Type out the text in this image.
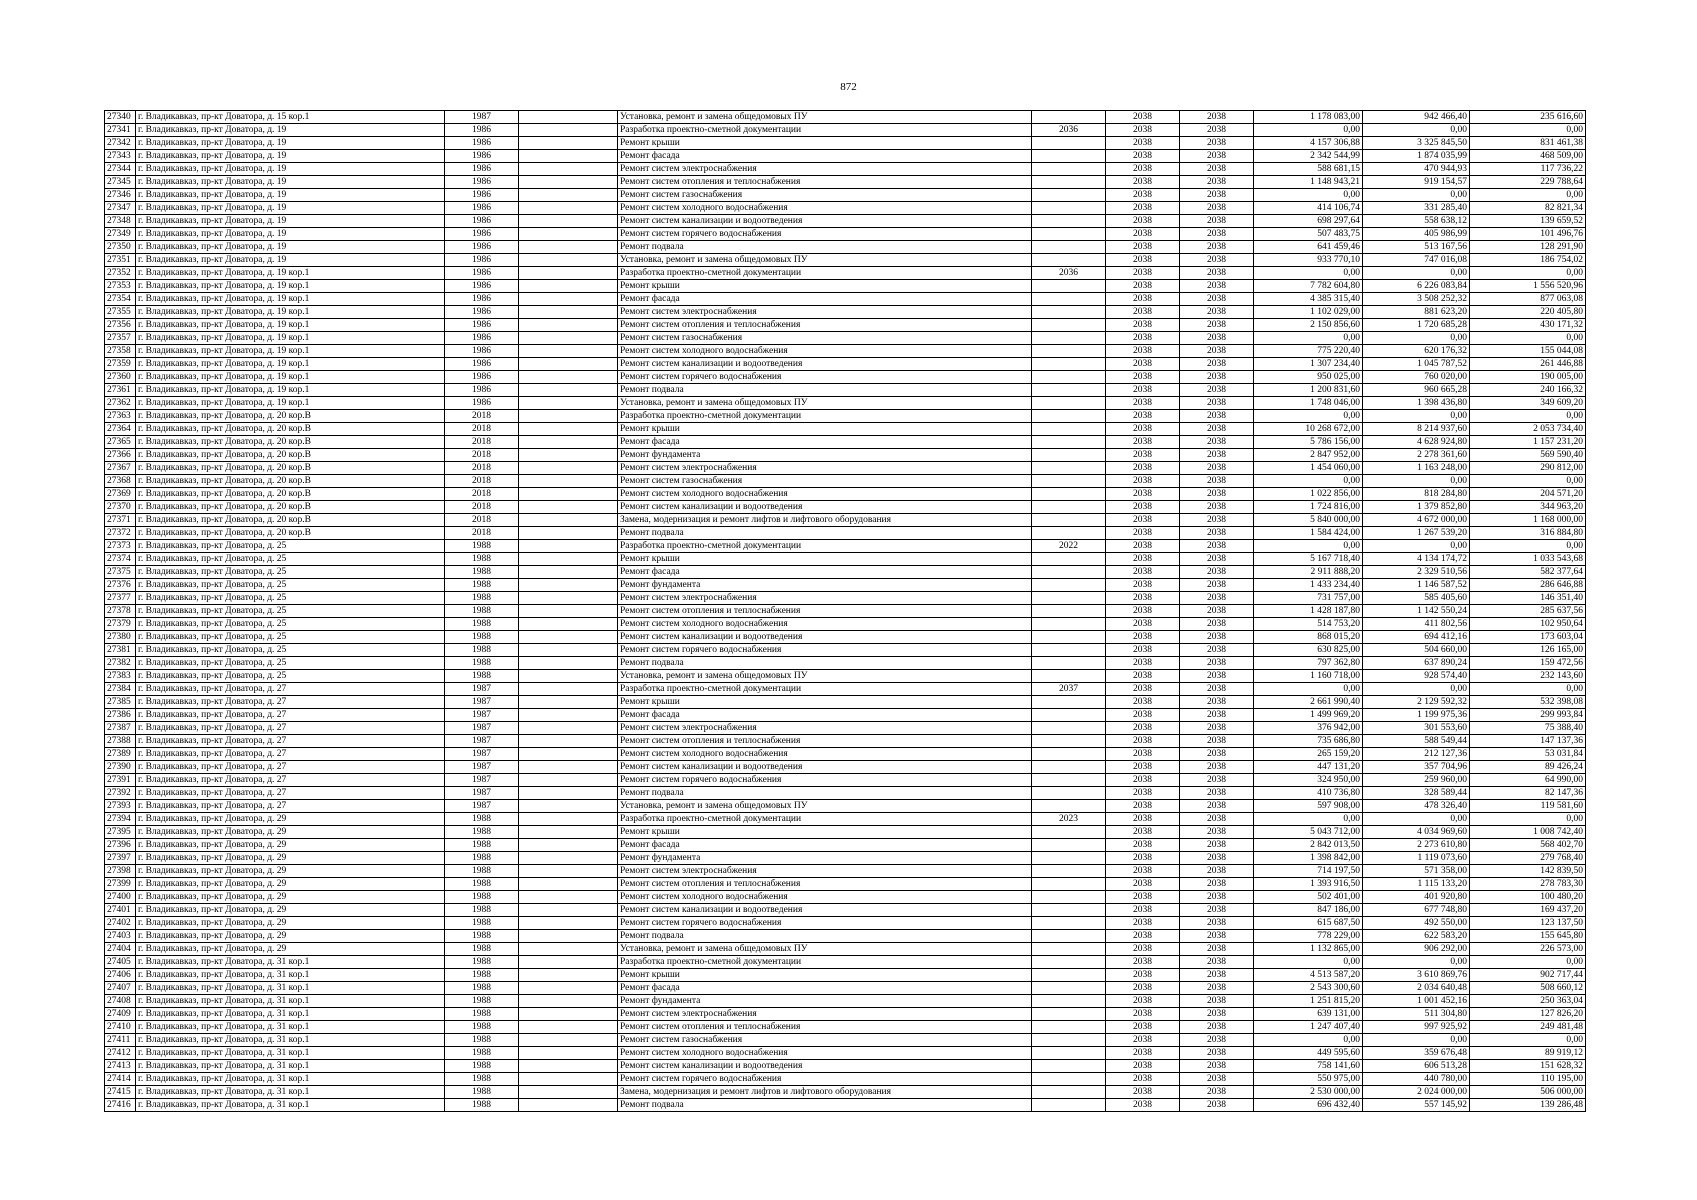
872
27340	г. Владикавказ, пр-кт Доватора, д. 15 кор.1	1987		Установка, ремонт и замена общедомовых ПУ		2038	2038	1 178 083,00	942 466,40	235 616,60
27341	г. Владикавказ, пр-кт Доватора, д. 19	1986		Разработка проектно-сметной документации	2036	2038	2038	0,00	0,00	0,00
27342	г. Владикавказ, пр-кт Доватора, д. 19	1986		Ремонт крыши		2038	2038	4 157 306,88	3 325 845,50	831 461,38
27343	г. Владикавказ, пр-кт Доватора, д. 19	1986		Ремонт фасада		2038	2038	2 342 544,99	1 874 035,99	468 509,00
27344	г. Владикавказ, пр-кт Доватора, д. 19	1986		Ремонт систем электроснабжения		2038	2038	588 681,15	470 944,93	117 736,22
27345	г. Владикавказ, пр-кт Доватора, д. 19	1986		Ремонт систем отопления и теплоснабжения		2038	2038	1 148 943,21	919 154,57	229 788,64
27346	г. Владикавказ, пр-кт Доватора, д. 19	1986		Ремонт систем газоснабжения		2038	2038	0,00	0,00	0,00
27347	г. Владикавказ, пр-кт Доватора, д. 19	1986		Ремонт систем холодного водоснабжения		2038	2038	414 106,74	331 285,40	82 821,34
27348	г. Владикавказ, пр-кт Доватора, д. 19	1986		Ремонт систем канализации и водоотведения		2038	2038	698 297,64	558 638,12	139 659,52
27349	г. Владикавказ, пр-кт Доватора, д. 19	1986		Ремонт систем горячего водоснабжения		2038	2038	507 483,75	405 986,99	101 496,76
27350	г. Владикавказ, пр-кт Доватора, д. 19	1986		Ремонт подвала		2038	2038	641 459,46	513 167,56	128 291,90
27351	г. Владикавказ, пр-кт Доватора, д. 19	1986		Установка, ремонт и замена общедомовых ПУ		2038	2038	933 770,10	747 016,08	186 754,02
27352	г. Владикавказ, пр-кт Доватора, д. 19 кор.1	1986		Разработка проектно-сметной документации	2036	2038	2038	0,00	0,00	0,00
27353	г. Владикавказ, пр-кт Доватора, д. 19 кор.1	1986		Ремонт крыши		2038	2038	7 782 604,80	6 226 083,84	1 556 520,96
27354	г. Владикавказ, пр-кт Доватора, д. 19 кор.1	1986		Ремонт фасада		2038	2038	4 385 315,40	3 508 252,32	877 063,08
27355	г. Владикавказ, пр-кт Доватора, д. 19 кор.1	1986		Ремонт систем электроснабжения		2038	2038	1 102 029,00	881 623,20	220 405,80
27356	г. Владикавказ, пр-кт Доватора, д. 19 кор.1	1986		Ремонт систем отопления и теплоснабжения		2038	2038	2 150 856,60	1 720 685,28	430 171,32
27357	г. Владикавказ, пр-кт Доватора, д. 19 кор.1	1986		Ремонт систем газоснабжения		2038	2038	0,00	0,00	0,00
27358	г. Владикавказ, пр-кт Доватора, д. 19 кор.1	1986		Ремонт систем холодного водоснабжения		2038	2038	775 220,40	620 176,32	155 044,08
27359	г. Владикавказ, пр-кт Доватора, д. 19 кор.1	1986		Ремонт систем канализации и водоотведения		2038	2038	1 307 234,40	1 045 787,52	261 446,88
27360	г. Владикавказ, пр-кт Доватора, д. 19 кор.1	1986		Ремонт систем горячего водоснабжения		2038	2038	950 025,00	760 020,00	190 005,00
27361	г. Владикавказ, пр-кт Доватора, д. 19 кор.1	1986		Ремонт подвала		2038	2038	1 200 831,60	960 665,28	240 166,32
27362	г. Владикавказ, пр-кт Доватора, д. 19 кор.1	1986		Установка, ремонт и замена общедомовых ПУ		2038	2038	1 748 046,00	1 398 436,80	349 609,20
27363	г. Владикавказ, пр-кт Доватора, д. 20 кор.В	2018		Разработка проектно-сметной документации		2038	2038	0,00	0,00	0,00
27364	г. Владикавказ, пр-кт Доватора, д. 20 кор.В	2018		Ремонт крыши		2038	2038	10 268 672,00	8 214 937,60	2 053 734,40
27365	г. Владикавказ, пр-кт Доватора, д. 20 кор.В	2018		Ремонт фасада		2038	2038	5 786 156,00	4 628 924,80	1 157 231,20
27366	г. Владикавказ, пр-кт Доватора, д. 20 кор.В	2018		Ремонт фундамента		2038	2038	2 847 952,00	2 278 361,60	569 590,40
27367	г. Владикавказ, пр-кт Доватора, д. 20 кор.В	2018		Ремонт систем электроснабжения		2038	2038	1 454 060,00	1 163 248,00	290 812,00
27368	г. Владикавказ, пр-кт Доватора, д. 20 кор.В	2018		Ремонт систем газоснабжения		2038	2038	0,00	0,00	0,00
27369	г. Владикавказ, пр-кт Доватора, д. 20 кор.В	2018		Ремонт систем холодного водоснабжения		2038	2038	1 022 856,00	818 284,80	204 571,20
27370	г. Владикавказ, пр-кт Доватора, д. 20 кор.В	2018		Ремонт систем канализации и водоотведения		2038	2038	1 724 816,00	1 379 852,80	344 963,20
27371	г. Владикавказ, пр-кт Доватора, д. 20 кор.В	2018		Замена, модернизация и ремонт лифтов и лифтового оборудования		2038	2038	5 840 000,00	4 672 000,00	1 168 000,00
27372	г. Владикавказ, пр-кт Доватора, д. 20 кор.В	2018		Ремонт подвала		2038	2038	1 584 424,00	1 267 539,20	316 884,80
27373	г. Владикавказ, пр-кт Доватора, д. 25	1988		Разработка проектно-сметной документации	2022	2038	2038	0,00	0,00	0,00
27374	г. Владикавказ, пр-кт Доватора, д. 25	1988		Ремонт крыши		2038	2038	5 167 718,40	4 134 174,72	1 033 543,68
27375	г. Владикавказ, пр-кт Доватора, д. 25	1988		Ремонт фасада		2038	2038	2 911 888,20	2 329 510,56	582 377,64
27376	г. Владикавказ, пр-кт Доватора, д. 25	1988		Ремонт фундамента		2038	2038	1 433 234,40	1 146 587,52	286 646,88
27377	г. Владикавказ, пр-кт Доватора, д. 25	1988		Ремонт систем электроснабжения		2038	2038	731 757,00	585 405,60	146 351,40
27378	г. Владикавказ, пр-кт Доватора, д. 25	1988		Ремонт систем отопления и теплоснабжения		2038	2038	1 428 187,80	1 142 550,24	285 637,56
27379	г. Владикавказ, пр-кт Доватора, д. 25	1988		Ремонт систем холодного водоснабжения		2038	2038	514 753,20	411 802,56	102 950,64
27380	г. Владикавказ, пр-кт Доватора, д. 25	1988		Ремонт систем канализации и водоотведения		2038	2038	868 015,20	694 412,16	173 603,04
27381	г. Владикавказ, пр-кт Доватора, д. 25	1988		Ремонт систем горячего водоснабжения		2038	2038	630 825,00	504 660,00	126 165,00
27382	г. Владикавказ, пр-кт Доватора, д. 25	1988		Ремонт подвала		2038	2038	797 362,80	637 890,24	159 472,56
27383	г. Владикавказ, пр-кт Доватора, д. 25	1988		Установка, ремонт и замена общедомовых ПУ		2038	2038	1 160 718,00	928 574,40	232 143,60
27384	г. Владикавказ, пр-кт Доватора, д. 27	1987		Разработка проектно-сметной документации	2037	2038	2038	0,00	0,00	0,00
27385	г. Владикавказ, пр-кт Доватора, д. 27	1987		Ремонт крыши		2038	2038	2 661 990,40	2 129 592,32	532 398,08
27386	г. Владикавказ, пр-кт Доватора, д. 27	1987		Ремонт фасада		2038	2038	1 499 969,20	1 199 975,36	299 993,84
27387	г. Владикавказ, пр-кт Доватора, д. 27	1987		Ремонт систем электроснабжения		2038	2038	376 942,00	301 553,60	75 388,40
27388	г. Владикавказ, пр-кт Доватора, д. 27	1987		Ремонт систем отопления и теплоснабжения		2038	2038	735 686,80	588 549,44	147 137,36
27389	г. Владикавказ, пр-кт Доватора, д. 27	1987		Ремонт систем холодного водоснабжения		2038	2038	265 159,20	212 127,36	53 031,84
27390	г. Владикавказ, пр-кт Доватора, д. 27	1987		Ремонт систем канализации и водоотведения		2038	2038	447 131,20	357 704,96	89 426,24
27391	г. Владикавказ, пр-кт Доватора, д. 27	1987		Ремонт систем горячего водоснабжения		2038	2038	324 950,00	259 960,00	64 990,00
27392	г. Владикавказ, пр-кт Доватора, д. 27	1987		Ремонт подвала		2038	2038	410 736,80	328 589,44	82 147,36
27393	г. Владикавказ, пр-кт Доватора, д. 27	1987		Установка, ремонт и замена общедомовых ПУ		2038	2038	597 908,00	478 326,40	119 581,60
27394	г. Владикавказ, пр-кт Доватора, д. 29	1988		Разработка проектно-сметной документации	2023	2038	2038	0,00	0,00	0,00
27395	г. Владикавказ, пр-кт Доватора, д. 29	1988		Ремонт крыши		2038	2038	5 043 712,00	4 034 969,60	1 008 742,40
27396	г. Владикавказ, пр-кт Доватора, д. 29	1988		Ремонт фасада		2038	2038	2 842 013,50	2 273 610,80	568 402,70
27397	г. Владикавказ, пр-кт Доватора, д. 29	1988		Ремонт фундамента		2038	2038	1 398 842,00	1 119 073,60	279 768,40
27398	г. Владикавказ, пр-кт Доватора, д. 29	1988		Ремонт систем электроснабжения		2038	2038	714 197,50	571 358,00	142 839,50
27399	г. Владикавказ, пр-кт Доватора, д. 29	1988		Ремонт систем отопления и теплоснабжения		2038	2038	1 393 916,50	1 115 133,20	278 783,30
27400	г. Владикавказ, пр-кт Доватора, д. 29	1988		Ремонт систем холодного водоснабжения		2038	2038	502 401,00	401 920,80	100 480,20
27401	г. Владикавказ, пр-кт Доватора, д. 29	1988		Ремонт систем канализации и водоотведения		2038	2038	847 186,00	677 748,80	169 437,20
27402	г. Владикавказ, пр-кт Доватора, д. 29	1988		Ремонт систем горячего водоснабжения		2038	2038	615 687,50	492 550,00	123 137,50
27403	г. Владикавказ, пр-кт Доватора, д. 29	1988		Ремонт подвала		2038	2038	778 229,00	622 583,20	155 645,80
27404	г. Владикавказ, пр-кт Доватора, д. 29	1988		Установка, ремонт и замена общедомовых ПУ		2038	2038	1 132 865,00	906 292,00	226 573,00
27405	г. Владикавказ, пр-кт Доватора, д. 31 кор.1	1988		Разработка проектно-сметной документации		2038	2038	0,00	0,00	0,00
27406	г. Владикавказ, пр-кт Доватора, д. 31 кор.1	1988		Ремонт крыши		2038	2038	4 513 587,20	3 610 869,76	902 717,44
27407	г. Владикавказ, пр-кт Доватора, д. 31 кор.1	1988		Ремонт фасада		2038	2038	2 543 300,60	2 034 640,48	508 660,12
27408	г. Владикавказ, пр-кт Доватора, д. 31 кор.1	1988		Ремонт фундамента		2038	2038	1 251 815,20	1 001 452,16	250 363,04
27409	г. Владикавказ, пр-кт Доватора, д. 31 кор.1	1988		Ремонт систем электроснабжения		2038	2038	639 131,00	511 304,80	127 826,20
27410	г. Владикавказ, пр-кт Доватора, д. 31 кор.1	1988		Ремонт систем отопления и теплоснабжения		2038	2038	1 247 407,40	997 925,92	249 481,48
27411	г. Владикавказ, пр-кт Доватора, д. 31 кор.1	1988		Ремонт систем газоснабжения		2038	2038	0,00	0,00	0,00
27412	г. Владикавказ, пр-кт Доватора, д. 31 кор.1	1988		Ремонт систем холодного водоснабжения		2038	2038	449 595,60	359 676,48	89 919,12
27413	г. Владикавказ, пр-кт Доватора, д. 31 кор.1	1988		Ремонт систем канализации и водоотведения		2038	2038	758 141,60	606 513,28	151 628,32
27414	г. Владикавказ, пр-кт Доватора, д. 31 кор.1	1988		Ремонт систем горячего водоснабжения		2038	2038	550 975,00	440 780,00	110 195,00
27415	г. Владикавказ, пр-кт Доватора, д. 31 кор.1	1988		Замена, модернизация и ремонт лифтов и лифтового оборудования		2038	2038	2 530 000,00	2 024 000,00	506 000,00
27416	г. Владикавказ, пр-кт Доватора, д. 31 кор.1	1988		Ремонт подвала		2038	2038	696 432,40	557 145,92	139 286,48
